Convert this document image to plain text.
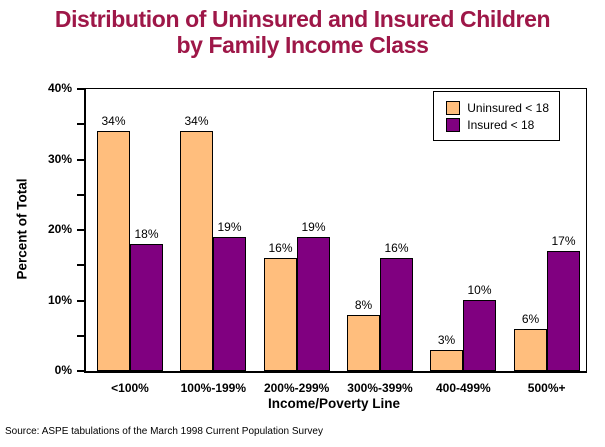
Distribution of Uninsured and Insured Children
by Family Income Class
Percent of Total
Uninsured < 18
Insured < 18
0%
10%
20%
30%
40%
34%
18%
<100%
34%
19%
100%-199%
16%
19%
200%-299%
8%
16%
300%-399%
3%
10%
400-499%
6%
17%
500%+
Income/Poverty Line
Source: ASPE tabulations of the March 1998 Current Population Survey
